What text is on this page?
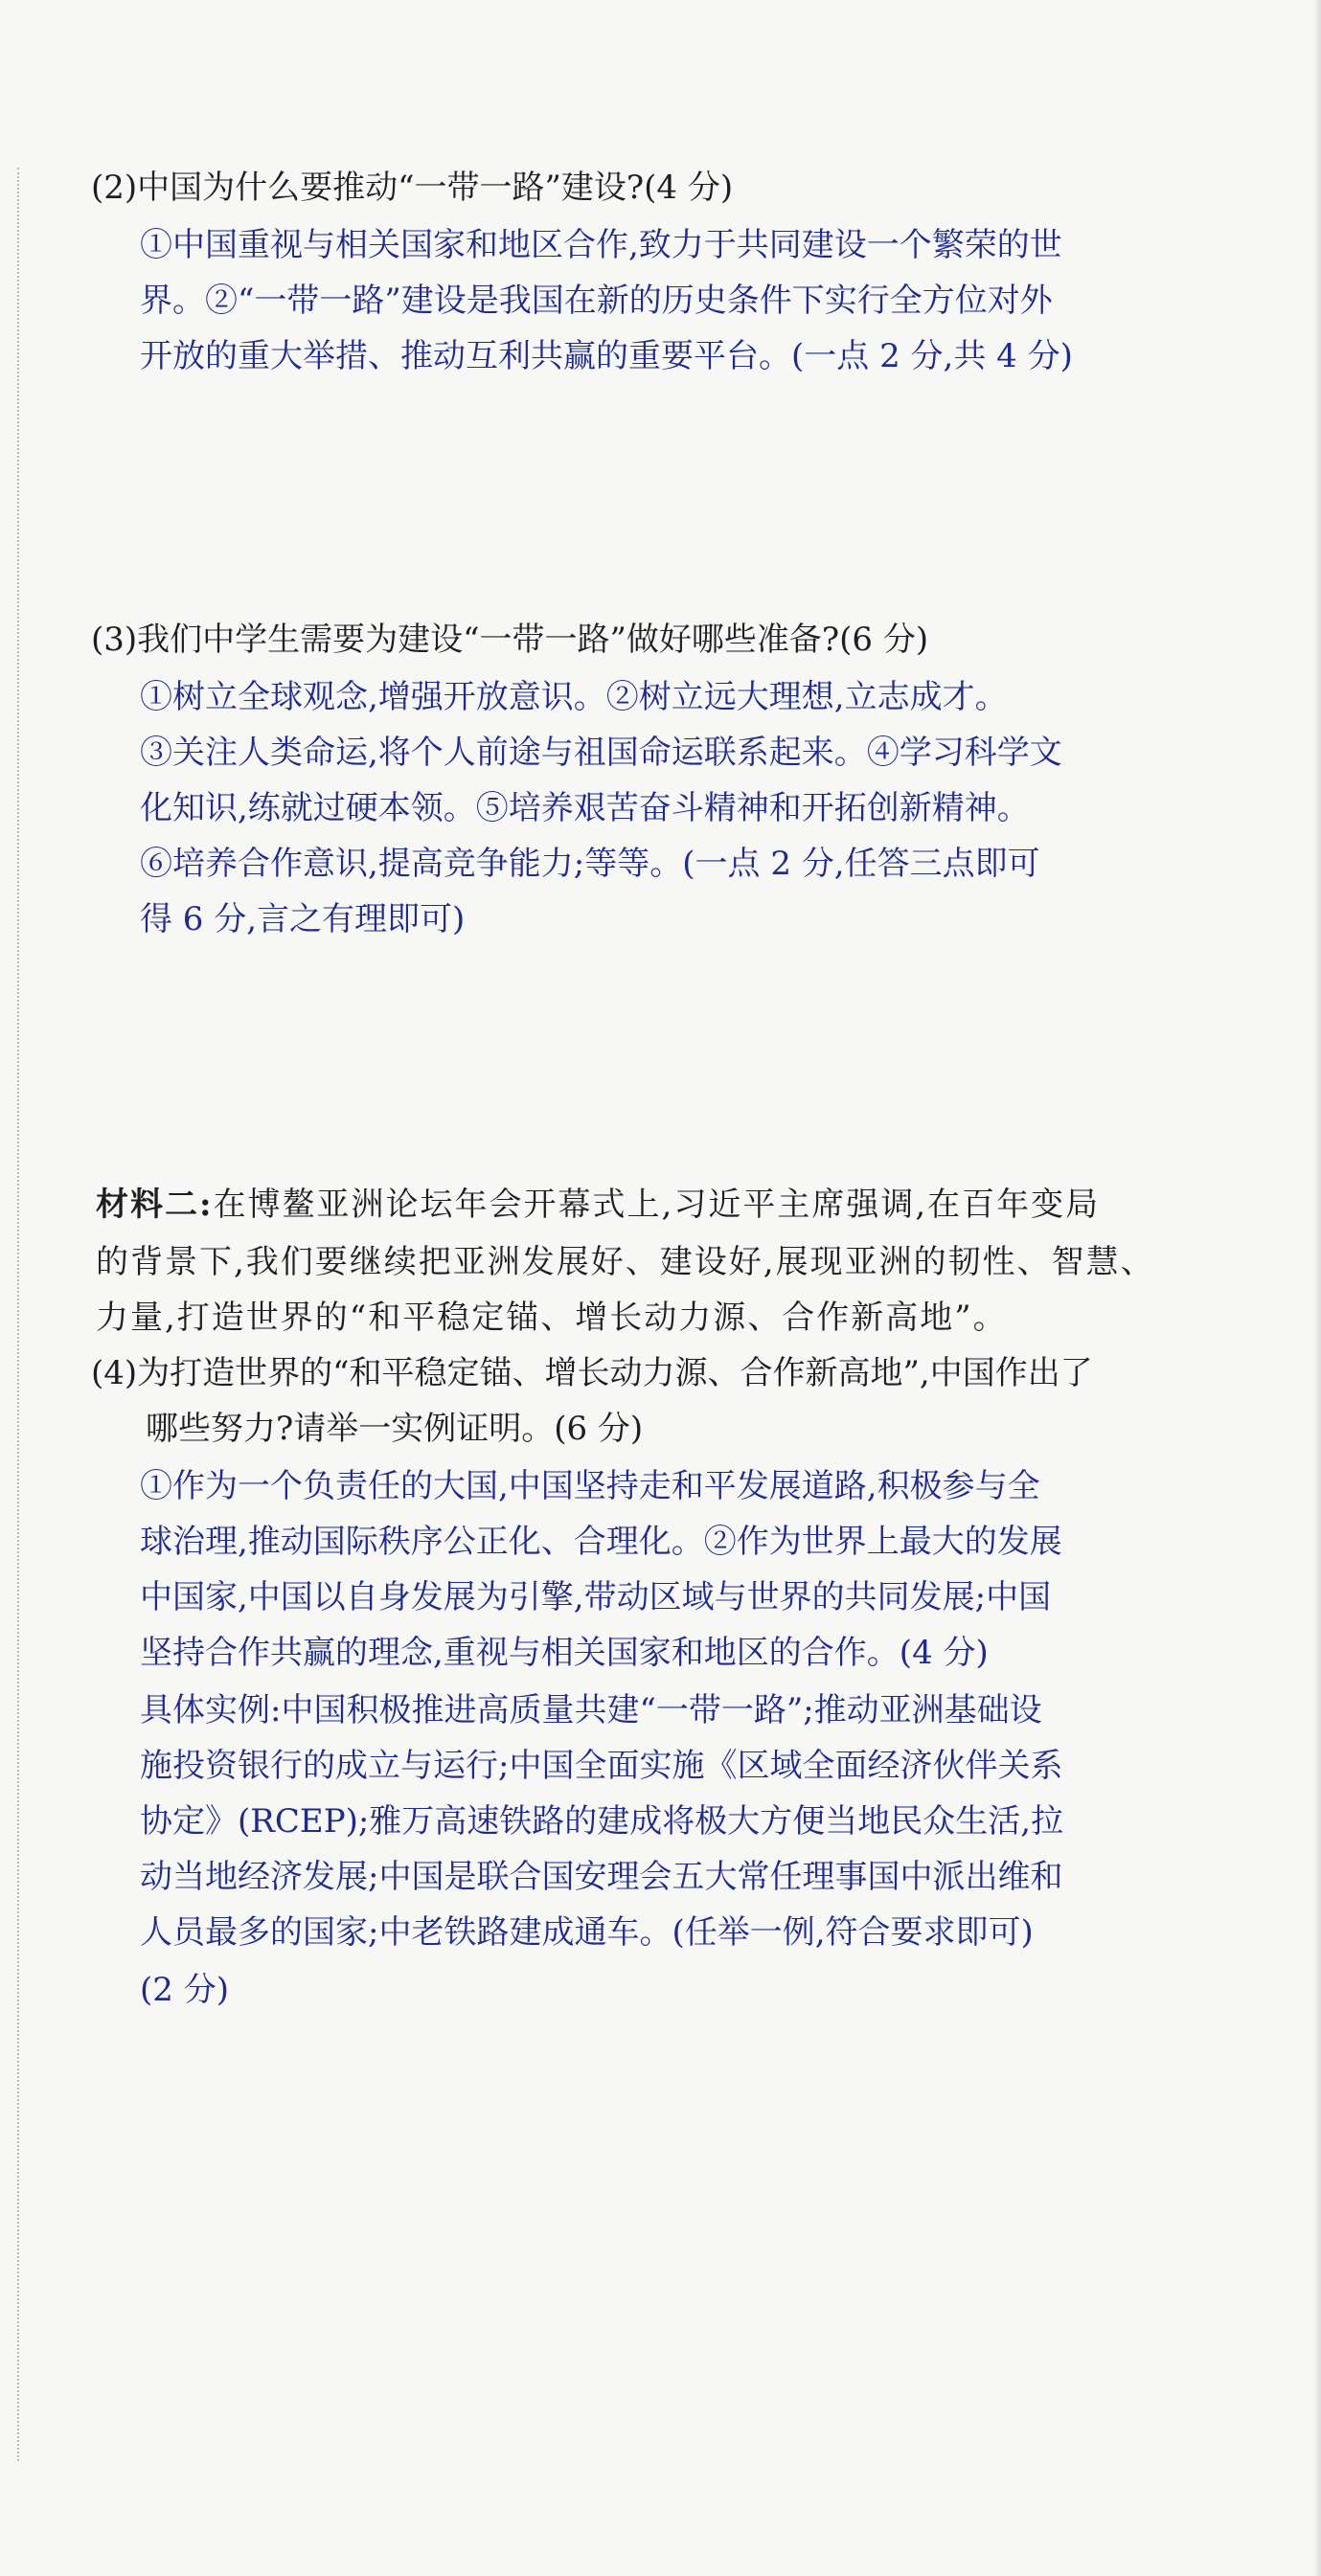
(2)中国为什么要推动“一带一路”建设?(4 分)
①中国重视与相关国家和地区合作,致力于共同建设一个繁荣的世
界。②“一带一路”建设是我国在新的历史条件下实行全方位对外
开放的重大举措、推动互利共赢的重要平台。(一点 2 分,共 4 分)
(3)我们中学生需要为建设“一带一路”做好哪些准备?(6 分)
①树立全球观念,增强开放意识。②树立远大理想,立志成才。
③关注人类命运,将个人前途与祖国命运联系起来。④学习科学文
化知识,练就过硬本领。⑤培养艰苦奋斗精神和开拓创新精神。
⑥培养合作意识,提高竞争能力;等等。(一点 2 分,任答三点即可
得 6 分,言之有理即可)
材料二:在博鳌亚洲论坛年会开幕式上,习近平主席强调,在百年变局
的背景下,我们要继续把亚洲发展好、建设好,展现亚洲的韧性、智慧、
力量,打造世界的“和平稳定锚、增长动力源、合作新高地”。
(4)为打造世界的“和平稳定锚、增长动力源、合作新高地”,中国作出了
哪些努力?请举一实例证明。(6 分)
①作为一个负责任的大国,中国坚持走和平发展道路,积极参与全
球治理,推动国际秩序公正化、合理化。②作为世界上最大的发展
中国家,中国以自身发展为引擎,带动区域与世界的共同发展;中国
坚持合作共赢的理念,重视与相关国家和地区的合作。(4 分)
具体实例:中国积极推进高质量共建“一带一路”;推动亚洲基础设
施投资银行的成立与运行;中国全面实施《区域全面经济伙伴关系
协定》(RCEP);雅万高速铁路的建成将极大方便当地民众生活,拉
动当地经济发展;中国是联合国安理会五大常任理事国中派出维和
人员最多的国家;中老铁路建成通车。(任举一例,符合要求即可)
(2 分)
